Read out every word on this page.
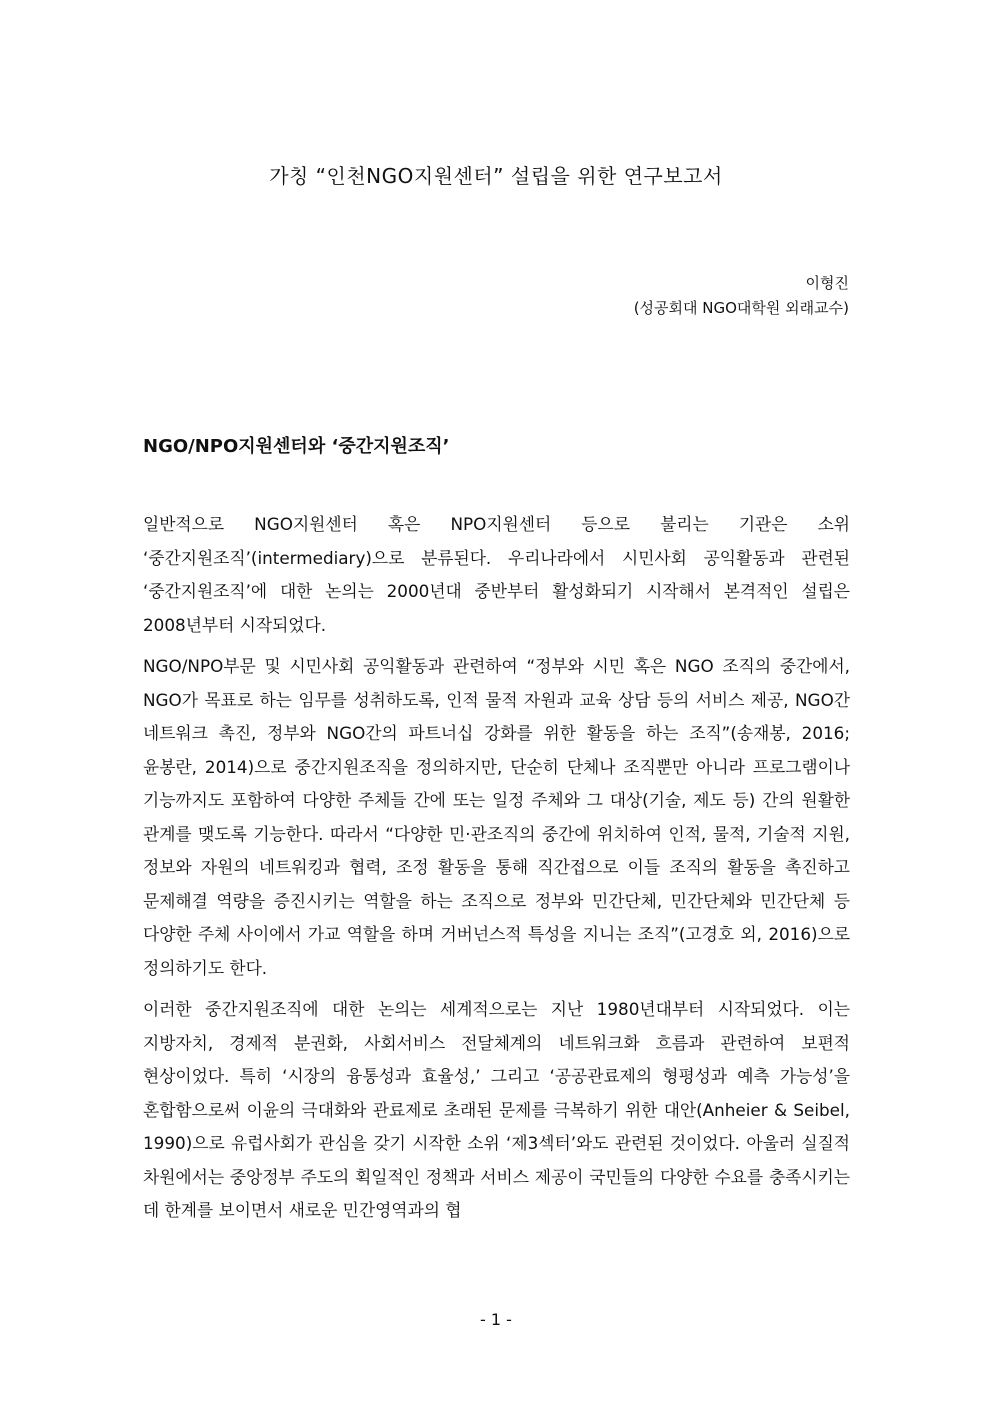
가칭 “인천NGO지원센터” 설립을 위한 연구보고서
이형진
(성공회대 NGO대학원 외래교수)
NGO/NPO지원센터와 ‘중간지원조직’

일반적으로 NGO지원센터 혹은 NPO지원센터 등으로 불리는 기관은 소위 ‘중간지원조직’(intermediary)으로 분류된다. 우리나라에서 시민사회 공익활동과 관련된 ‘중간지원조직’에 대한 논의는 2000년대 중반부터 활성화되기 시작해서 본격적인 설립은 2008년부터 시작되었다.

NGO/NPO부문 및 시민사회 공익활동과 관련하여 “정부와 시민 혹은 NGO 조직의 중간에서, NGO가 목표로 하는 임무를 성취하도록, 인적 물적 자원과 교육 상담 등의 서비스 제공, NGO간 네트워크 촉진, 정부와 NGO간의 파트너십 강화를 위한 활동을 하는 조직”(송재봉, 2016; 윤봉란, 2014)으로 중간지원조직을 정의하지만, 단순히 단체나 조직뿐만 아니라 프로그램이나 기능까지도 포함하여 다양한 주체들 간에 또는 일정 주체와 그 대상(기술, 제도 등) 간의 원활한 관계를 맺도록 기능한다. 따라서 “다양한 민·관조직의 중간에 위치하여 인적, 물적, 기술적 지원, 정보와 자원의 네트워킹과 협력, 조정 활동을 통해 직간접으로 이들 조직의 활동을 촉진하고 문제해결 역량을 증진시키는 역할을 하는 조직으로 정부와 민간단체, 민간단체와 민간단체 등 다양한 주체 사이에서 가교 역할을 하며 거버넌스적 특성을 지니는 조직”(고경호 외, 2016)으로 정의하기도 한다.

이러한 중간지원조직에 대한 논의는 세계적으로는 지난 1980년대부터 시작되었다. 이는 지방자치, 경제적 분권화, 사회서비스 전달체계의 네트워크화 흐름과 관련하여 보편적 현상이었다. 특히 ‘시장의 융통성과 효율성,’ 그리고 ‘공공관료제의 형평성과 예측 가능성’을 혼합함으로써 이윤의 극대화와 관료제로 초래된 문제를 극복하기 위한 대안(Anheier & Seibel, 1990)으로 유럽사회가 관심을 갖기 시작한 소위 ‘제3섹터’와도 관련된 것이었다. 아울러 실질적 차원에서는 중앙정부 주도의 획일적인 정책과 서비스 제공이 국민들의 다양한 수요를 충족시키는 데 한계를 보이면서 새로운 민간영역과의 협

- 1 -
